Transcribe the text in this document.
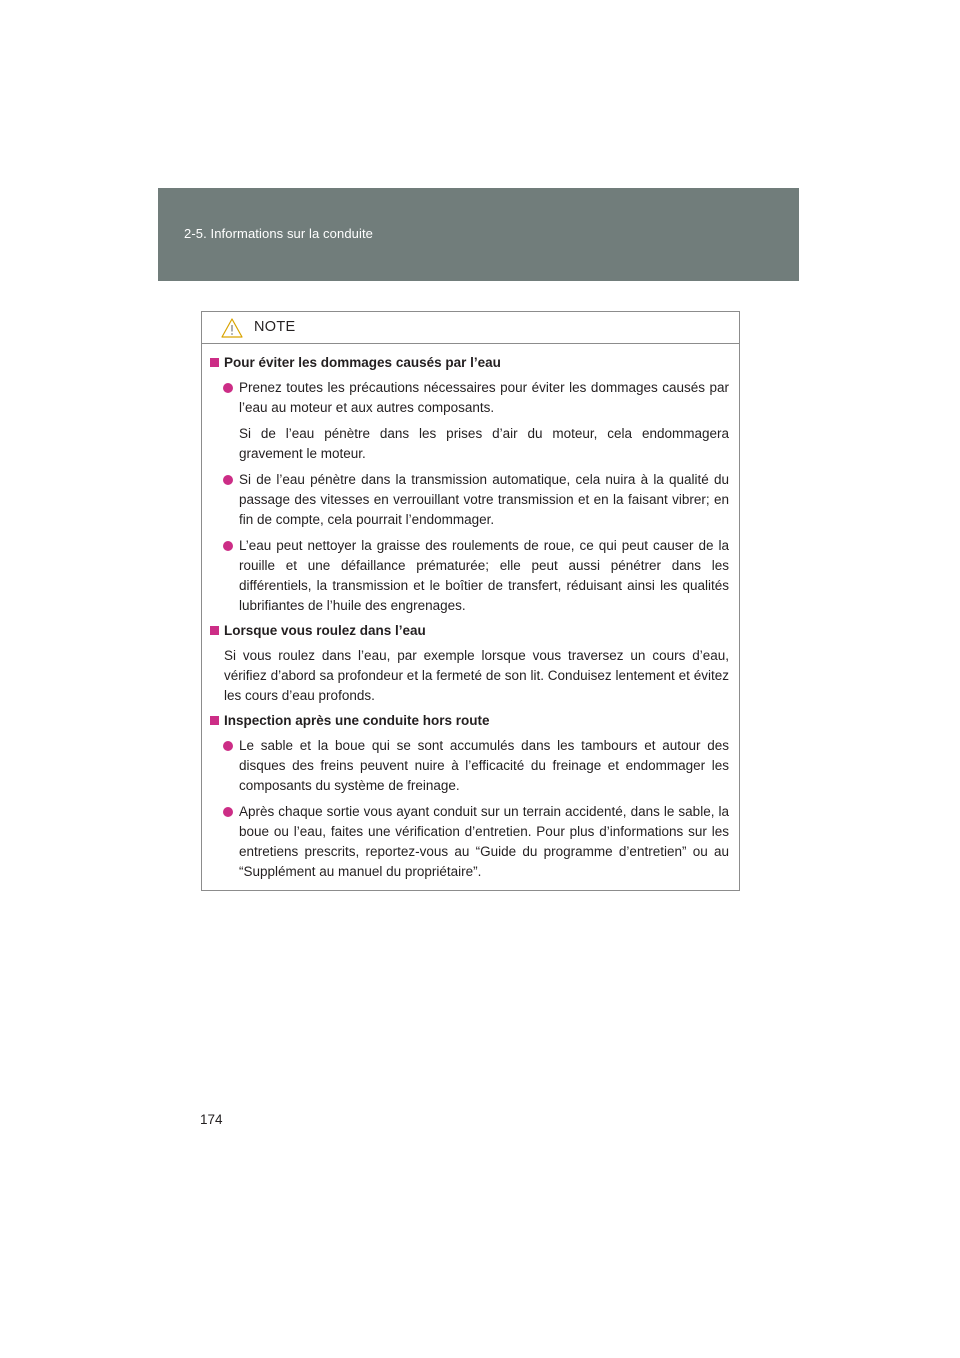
2-5. Informations sur la conduite
NOTE
Pour éviter les dommages causés par l’eau
Prenez toutes les précautions nécessaires pour éviter les dommages causés par l’eau au moteur et aux autres composants.
Si de l’eau pénètre dans les prises d’air du moteur, cela endommagera gravement le moteur.
Si de l’eau pénètre dans la transmission automatique, cela nuira à la qualité du passage des vitesses en verrouillant votre transmission et en la faisant vibrer; en fin de compte, cela pourrait l’endommager.
L’eau peut nettoyer la graisse des roulements de roue, ce qui peut causer de la rouille et une défaillance prématurée; elle peut aussi pénétrer dans les différentiels, la transmission et le boîtier de transfert, réduisant ainsi les qualités lubrifiantes de l’huile des engrenages.
Lorsque vous roulez dans l’eau
Si vous roulez dans l’eau, par exemple lorsque vous traversez un cours d’eau, vérifiez d’abord sa profondeur et la fermeté de son lit. Conduisez lentement et évitez les cours d’eau profonds.
Inspection après une conduite hors route
Le sable et la boue qui se sont accumulés dans les tambours et autour des disques des freins peuvent nuire à l’efficacité du freinage et endommager les composants du système de freinage.
Après chaque sortie vous ayant conduit sur un terrain accidenté, dans le sable, la boue ou l’eau, faites une vérification d’entretien. Pour plus d’informations sur les entretiens prescrits, reportez-vous au “Guide du programme d’entretien” ou au “Supplément au manuel du propriétaire”.
174
